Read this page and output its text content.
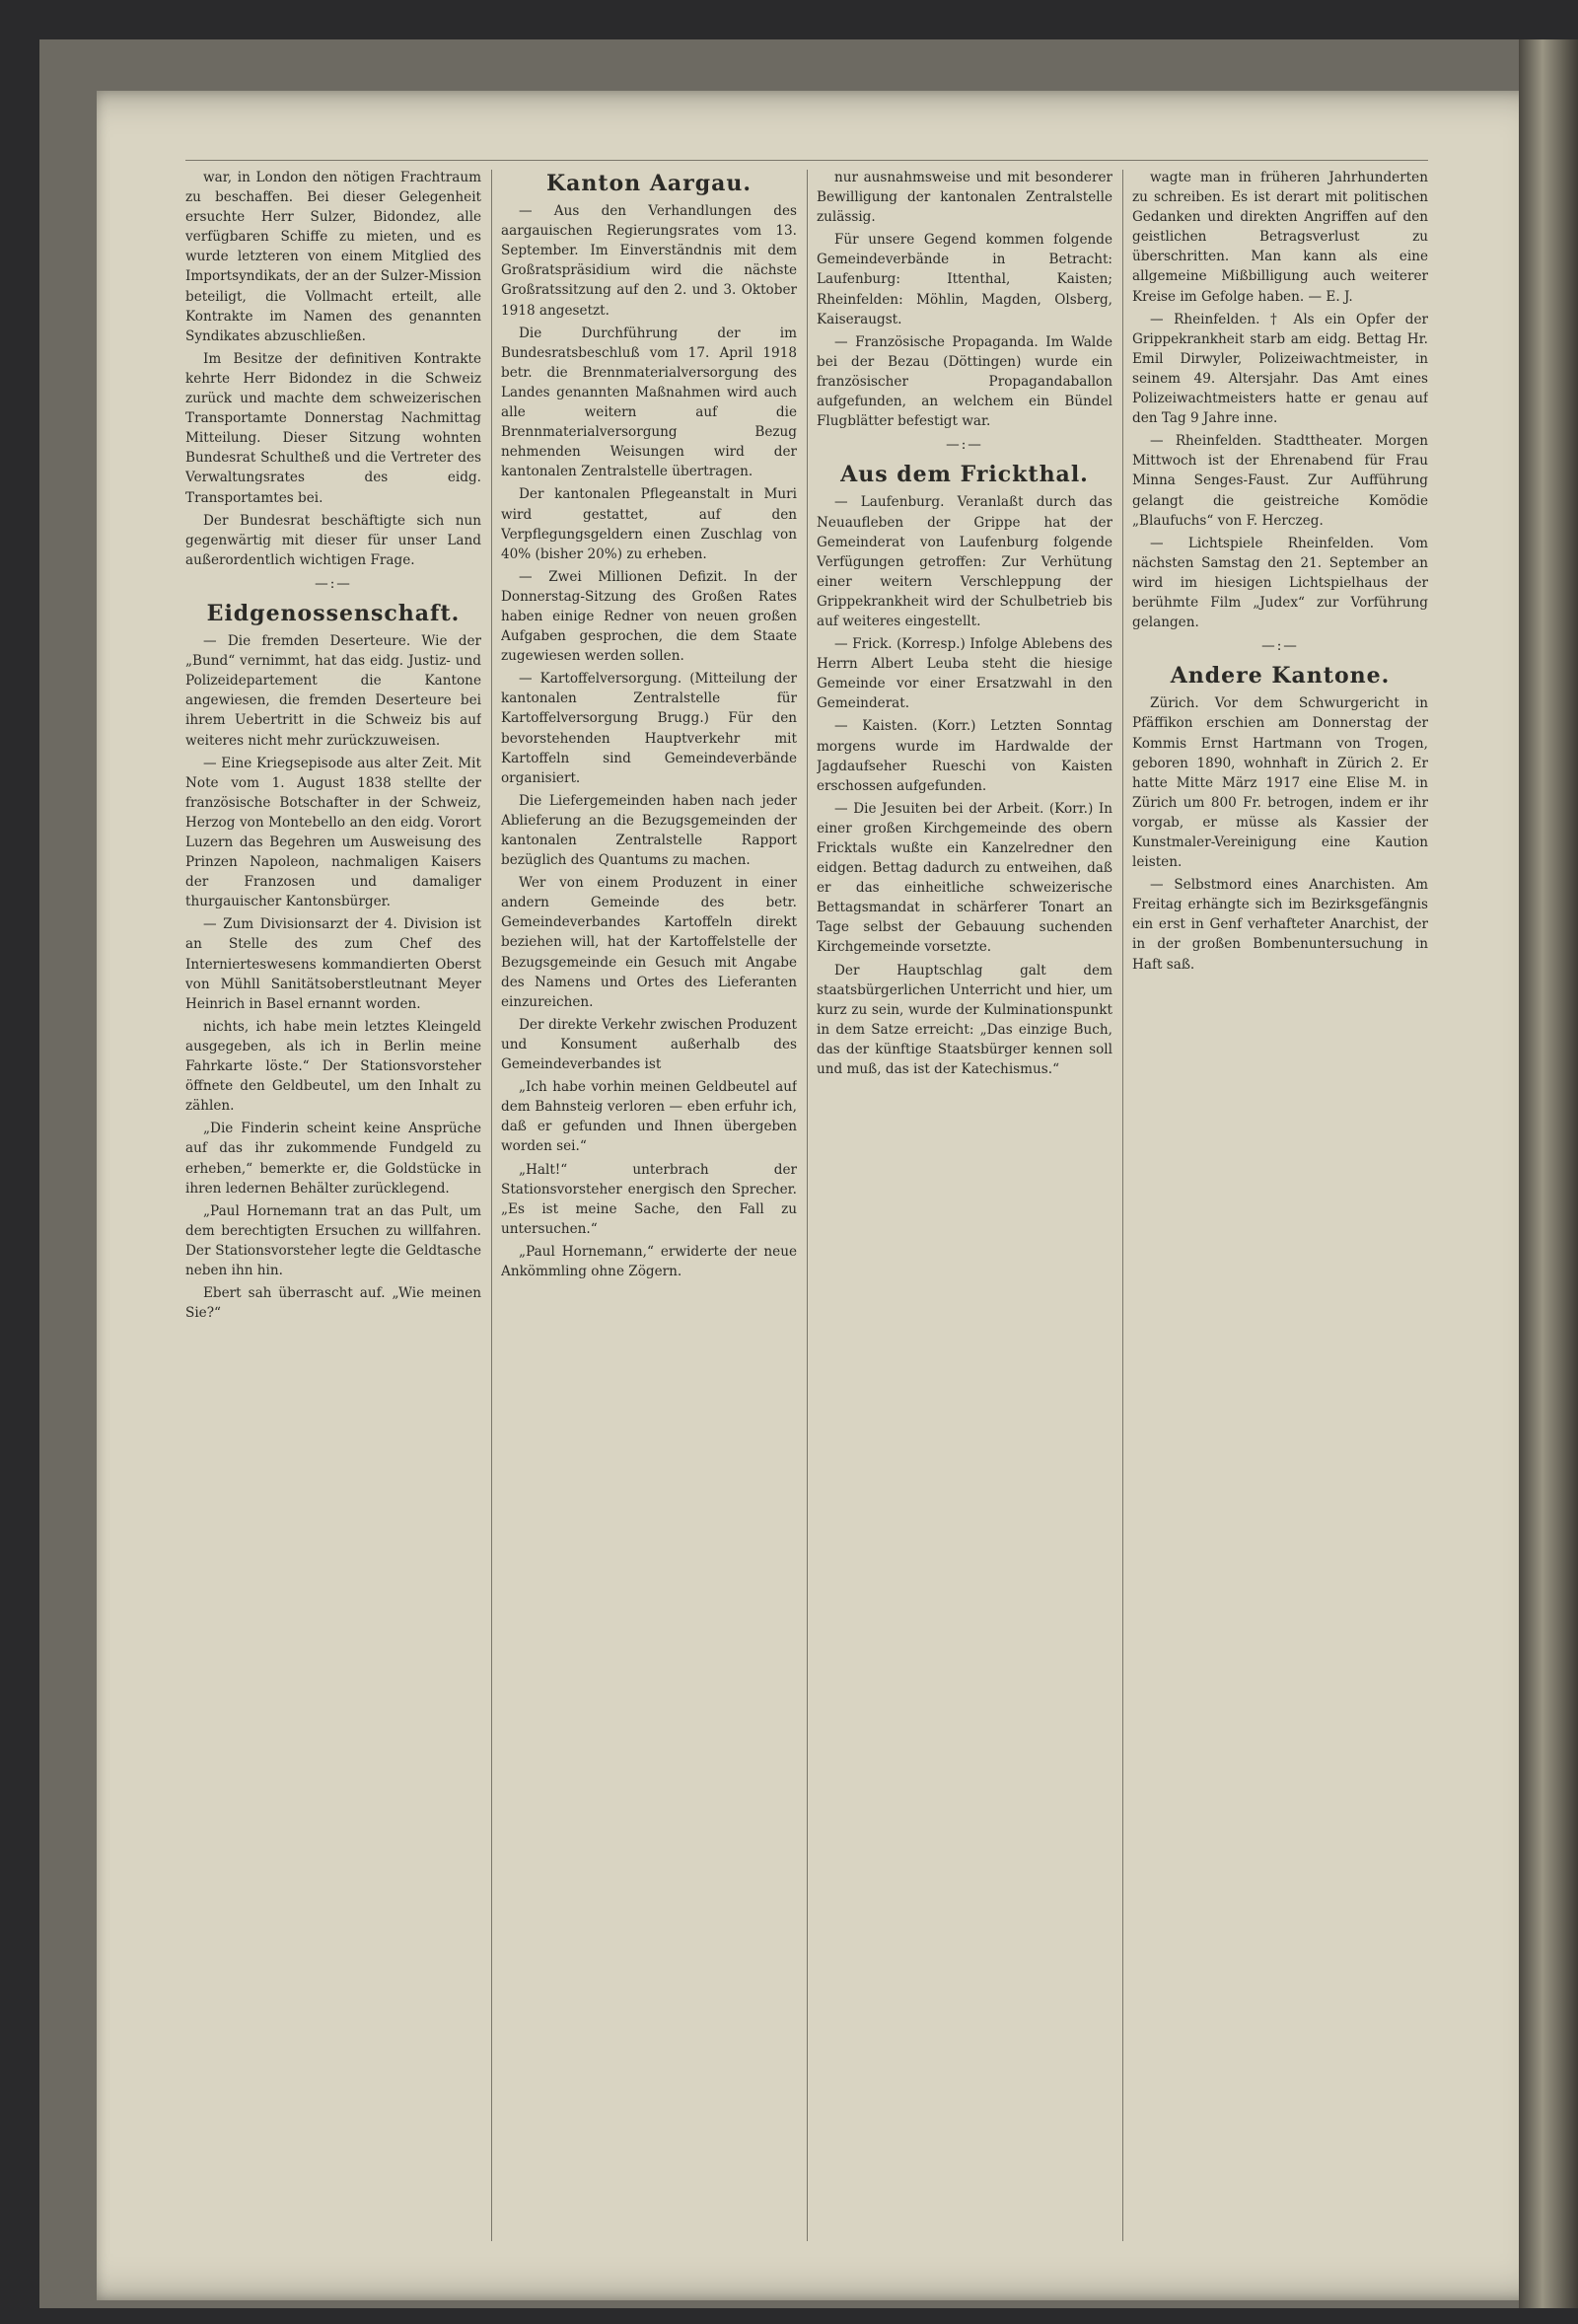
war, in London den nötigen Frachtraum zu beschaffen. Bei dieser Gelegenheit ersuchte Herr Sulzer, Bidondez, alle verfügbaren Schiffe zu mieten, und es wurde letzteren von einem Mitglied des Importsyndikats, der an der Sulzer-Mission beteiligt, die Vollmacht erteilt, alle Kontrakte im Namen des genannten Syndikates abzuschließen.

Im Besitze der definitiven Kontrakte kehrte Herr Bidondez in die Schweiz zurück und machte dem schweizerischen Transportamte Donnerstag Nachmittag Mitteilung. Dieser Sitzung wohnten Bundesrat Schultheß und die Vertreter des Verwaltungsrates des eidg. Transportamtes bei.

Der Bundesrat beschäftigte sich nun gegenwärtig mit dieser für unser Land außerordentlich wichtigen Frage.

—:—
Eidgenossenschaft.

— Die fremden Deserteure. Wie der „Bund“ vernimmt, hat das eidg. Justiz- und Polizeidepartement die Kantone angewiesen, die fremden Deserteure bei ihrem Uebertritt in die Schweiz bis auf weiteres nicht mehr zurückzuweisen.

— Eine Kriegsepisode aus alter Zeit. Mit Note vom 1. August 1838 stellte der französische Botschafter in der Schweiz, Herzog von Montebello an den eidg. Vorort Luzern das Begehren um Ausweisung des Prinzen Napoleon, nachmaligen Kaisers der Franzosen und damaliger thurgauischer Kantonsbürger.

— Zum Divisionsarzt der 4. Division ist an Stelle des zum Chef des Internierteswesens kommandierten Oberst von Mühll Sanitätsoberstleutnant Meyer Heinrich in Basel ernannt worden.

nichts, ich habe mein letztes Kleingeld ausgegeben, als ich in Berlin meine Fahrkarte löste.“ Der Stationsvorsteher öffnete den Geldbeutel, um den Inhalt zu zählen.

„Die Finderin scheint keine Ansprüche auf das ihr zukommende Fundgeld zu erheben,“ bemerkte er, die Goldstücke in ihren ledernen Behälter zurücklegend.

„Paul Hornemann trat an das Pult, um dem berechtigten Ersuchen zu willfahren. Der Stationsvorsteher legte die Geldtasche neben ihn hin.

Ebert sah überrascht auf. „Wie meinen Sie?“

Kanton Aargau.

— Aus den Verhandlungen des aargauischen Regierungsrates vom 13. September. Im Einverständnis mit dem Großratspräsidium wird die nächste Großratssitzung auf den 2. und 3. Oktober 1918 angesetzt.

Die Durchführung der im Bundesratsbeschluß vom 17. April 1918 betr. die Brennmaterialversorgung des Landes genannten Maßnahmen wird auch alle weitern auf die Brennmaterialversorgung Bezug nehmenden Weisungen wird der kantonalen Zentralstelle übertragen.

Der kantonalen Pflegeanstalt in Muri wird gestattet, auf den Verpflegungsgeldern einen Zuschlag von 40% (bisher 20%) zu erheben.

— Zwei Millionen Defizit. In der Donnerstag-Sitzung des Großen Rates haben einige Redner von neuen großen Aufgaben gesprochen, die dem Staate zugewiesen werden sollen.

— Kartoffelversorgung. (Mitteilung der kantonalen Zentralstelle für Kartoffelversorgung Brugg.) Für den bevorstehenden Hauptverkehr mit Kartoffeln sind Gemeindeverbände organisiert.

Die Liefergemeinden haben nach jeder Ablieferung an die Bezugsgemeinden der kantonalen Zentralstelle Rapport bezüglich des Quantums zu machen.

Wer von einem Produzent in einer andern Gemeinde des betr. Gemeindeverbandes Kartoffeln direkt beziehen will, hat der Kartoffelstelle der Bezugsgemeinde ein Gesuch mit Angabe des Namens und Ortes des Lieferanten einzureichen.

Der direkte Verkehr zwischen Produzent und Konsument außerhalb des Gemeindeverbandes ist

„Ich habe vorhin meinen Geldbeutel auf dem Bahnsteig verloren — eben erfuhr ich, daß er gefunden und Ihnen übergeben worden sei.“

„Halt!“ unterbrach der Stationsvorsteher energisch den Sprecher. „Es ist meine Sache, den Fall zu untersuchen.“

„Paul Hornemann,“ erwiderte der neue Ankömmling ohne Zögern.

nur ausnahmsweise und mit besonderer Bewilligung der kantonalen Zentralstelle zulässig.

Für unsere Gegend kommen folgende Gemeindeverbände in Betracht: Laufenburg: Ittenthal, Kaisten; Rheinfelden: Möhlin, Magden, Olsberg, Kaiseraugst.

— Französische Propaganda. Im Walde bei der Bezau (Döttingen) wurde ein französischer Propagandaballon aufgefunden, an welchem ein Bündel Flugblätter befestigt war.

—:—
Aus dem Frickthal.

— Laufenburg. Veranlaßt durch das Neuaufleben der Grippe hat der Gemeinderat von Laufenburg folgende Verfügungen getroffen: Zur Verhütung einer weitern Verschleppung der Grippekrankheit wird der Schulbetrieb bis auf weiteres eingestellt.

— Frick. (Korresp.) Infolge Ablebens des Herrn Albert Leuba steht die hiesige Gemeinde vor einer Ersatzwahl in den Gemeinderat.

— Kaisten. (Korr.) Letzten Sonntag morgens wurde im Hardwalde der Jagdaufseher Rueschi von Kaisten erschossen aufgefunden.

— Die Jesuiten bei der Arbeit. (Korr.) In einer großen Kirchgemeinde des obern Fricktals wußte ein Kanzelredner den eidgen. Bettag dadurch zu entweihen, daß er das einheitliche schweizerische Bettagsmandat in schärferer Tonart an Tage selbst der Gebauung suchenden Kirchgemeinde vorsetzte.

Der Hauptschlag galt dem staatsbürgerlichen Unterricht und hier, um kurz zu sein, wurde der Kulminationspunkt in dem Satze erreicht: „Das einzige Buch, das der künftige Staatsbürger kennen soll und muß, das ist der Katechismus.“

wagte man in früheren Jahrhunderten zu schreiben. Es ist derart mit politischen Gedanken und direkten Angriffen auf den geistlichen Betragsverlust zu überschritten. Man kann als eine allgemeine Mißbilligung auch weiterer Kreise im Gefolge haben. — E. J.

— Rheinfelden. † Als ein Opfer der Grippekrankheit starb am eidg. Bettag Hr. Emil Dirwyler, Polizeiwachtmeister, in seinem 49. Altersjahr. Das Amt eines Polizeiwachtmeisters hatte er genau auf den Tag 9 Jahre inne.

— Rheinfelden. Stadttheater. Morgen Mittwoch ist der Ehrenabend für Frau Minna Senges-Faust. Zur Aufführung gelangt die geistreiche Komödie „Blaufuchs“ von F. Herczeg.

— Lichtspiele Rheinfelden. Vom nächsten Samstag den 21. September an wird im hiesigen Lichtspielhaus der berühmte Film „Judex“ zur Vorführung gelangen.

—:—
Andere Kantone.

Zürich. Vor dem Schwurgericht in Pfäffikon erschien am Donnerstag der Kommis Ernst Hartmann von Trogen, geboren 1890, wohnhaft in Zürich 2. Er hatte Mitte März 1917 eine Elise M. in Zürich um 800 Fr. betrogen, indem er ihr vorgab, er müsse als Kassier der Kunstmaler-Vereinigung eine Kaution leisten.

— Selbstmord eines Anarchisten. Am Freitag erhängte sich im Bezirksgefängnis ein erst in Genf verhafteter Anarchist, der in der großen Bombenuntersuchung in Haft saß.
